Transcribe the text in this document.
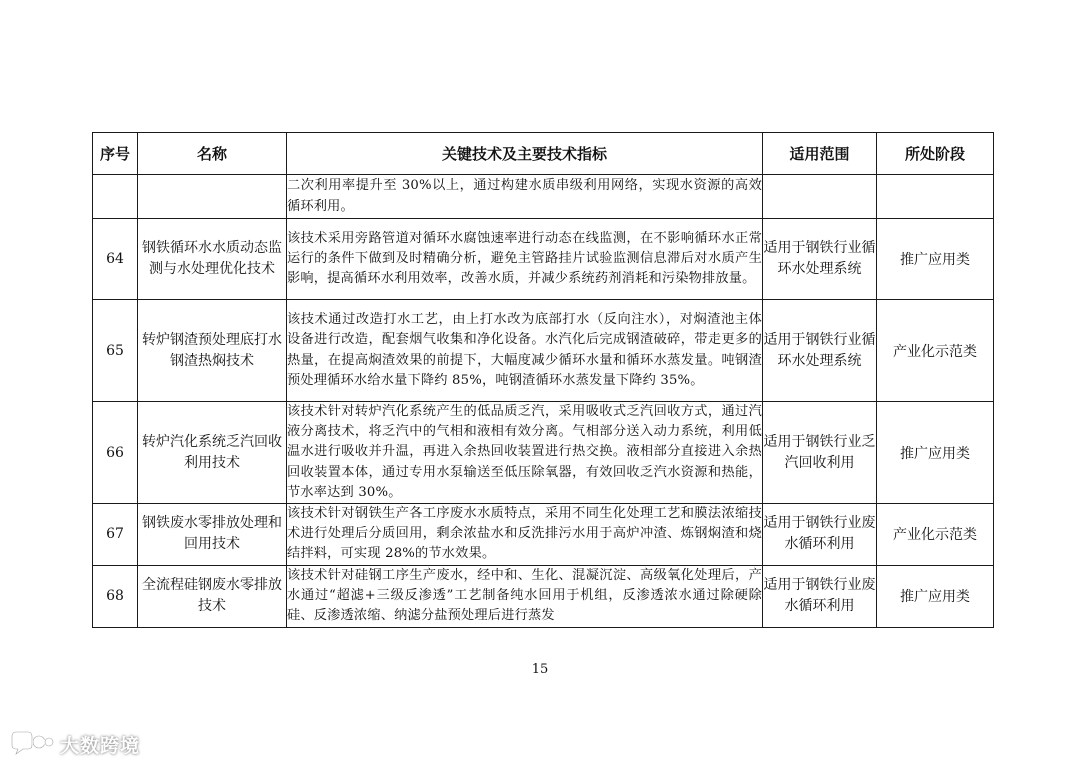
序号	名称	关键技术及主要技术指标	适用范围	所处阶段
		二次利用率提升至 30%以上，通过构建水质串级利用网络，实现水资源的高效循环利用。		
64	钢铁循环水水质动态监测与水处理优化技术	该技术采用旁路管道对循环水腐蚀速率进行动态在线监测，在不影响循环水正常运行的条件下做到及时精确分析，避免主管路挂片试验监测信息滞后对水质产生影响，提高循环水利用效率，改善水质，并减少系统药剂消耗和污染物排放量。	适用于钢铁行业循环水处理系统	推广应用类
65	转炉钢渣预处理底打水钢渣热焖技术	该技术通过改造打水工艺，由上打水改为底部打水（反向注水），对焖渣池主体设备进行改造，配套烟气收集和净化设备。水汽化后完成钢渣破碎，带走更多的热量，在提高焖渣效果的前提下，大幅度减少循环水量和循环水蒸发量。吨钢渣预处理循环水给水量下降约 85%，吨钢渣循环水蒸发量下降约 35%。	适用于钢铁行业循环水处理系统	产业化示范类
66	转炉汽化系统乏汽回收利用技术	该技术针对转炉汽化系统产生的低品质乏汽，采用吸收式乏汽回收方式，通过汽液分离技术，将乏汽中的气相和液相有效分离。气相部分送入动力系统，利用低温水进行吸收并升温，再进入余热回收装置进行热交换。液相部分直接进入余热回收装置本体，通过专用水泵输送至低压除氧器，有效回收乏汽水资源和热能，节水率达到 30%。	适用于钢铁行业乏汽回收利用	推广应用类
67	钢铁废水零排放处理和回用技术	该技术针对钢铁生产各工序废水水质特点，采用不同生化处理工艺和膜法浓缩技术进行处理后分质回用，剩余浓盐水和反洗排污水用于高炉冲渣、炼钢焖渣和烧结拌料，可实现 28%的节水效果。	适用于钢铁行业废水循环利用	产业化示范类
68	全流程硅钢废水零排放技术	该技术针对硅钢工序生产废水，经中和、生化、混凝沉淀、高级氧化处理后，产水通过“超滤+三级反渗透”工艺制备纯水回用于机组，反渗透浓水通过除硬除硅、反渗透浓缩、纳滤分盐预处理后进行蒸发	适用于钢铁行业废水循环利用	推广应用类
15
大数跨境
